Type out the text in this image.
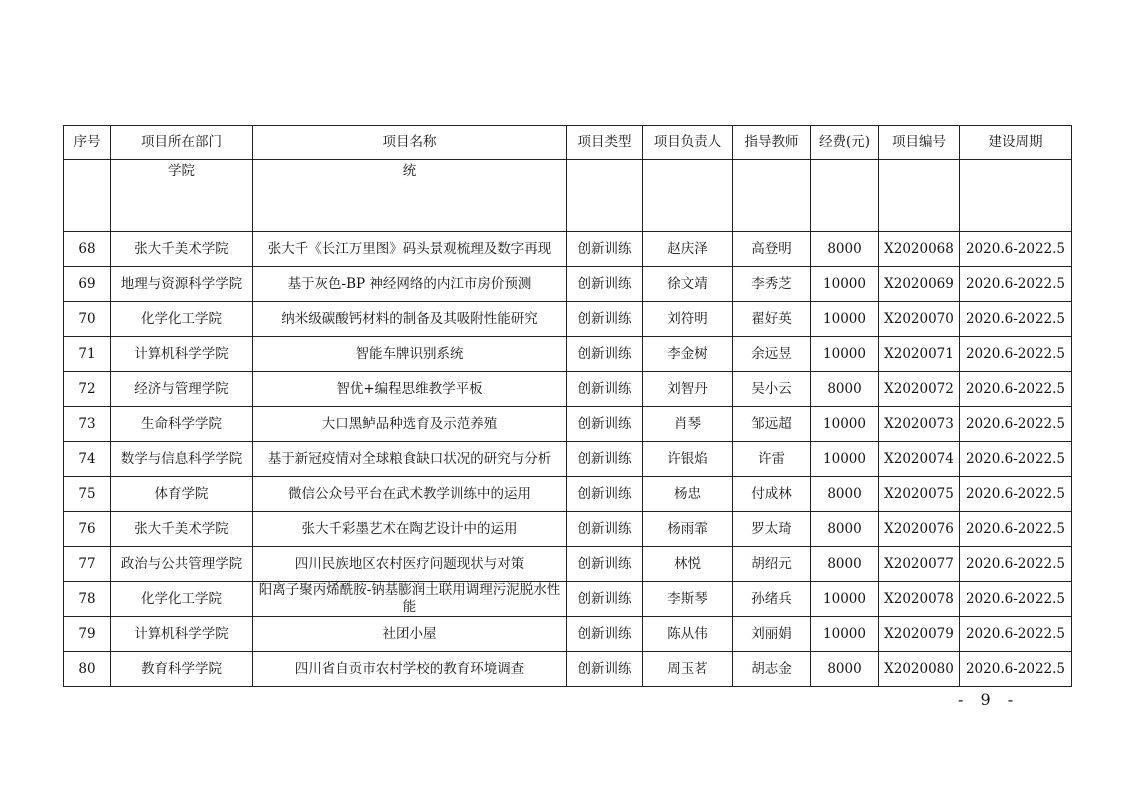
序号	项目所在部门	项目名称	项目类型	项目负责人	指导教师	经费(元)	项目编号	建设周期
	学院	统						
68	张大千美术学院	张大千《长江万里图》码头景观梳理及数字再现	创新训练	赵庆泽	高登明	8000	X2020068	2020.6-2022.5
69	地理与资源科学学院	基于灰色-BP 神经网络的内江市房价预测	创新训练	徐文靖	李秀芝	10000	X2020069	2020.6-2022.5
70	化学化工学院	纳米级碳酸钙材料的制备及其吸附性能研究	创新训练	刘符明	翟好英	10000	X2020070	2020.6-2022.5
71	计算机科学学院	智能车牌识别系统	创新训练	李金树	余远昱	10000	X2020071	2020.6-2022.5
72	经济与管理学院	智优+编程思维教学平板	创新训练	刘智丹	吴小云	8000	X2020072	2020.6-2022.5
73	生命科学学院	大口黑鲈品种选育及示范养殖	创新训练	肖琴	邹远超	10000	X2020073	2020.6-2022.5
74	数学与信息科学学院	基于新冠疫情对全球粮食缺口状况的研究与分析	创新训练	许银焰	许雷	10000	X2020074	2020.6-2022.5
75	体育学院	微信公众号平台在武术教学训练中的运用	创新训练	杨忠	付成林	8000	X2020075	2020.6-2022.5
76	张大千美术学院	张大千彩墨艺术在陶艺设计中的运用	创新训练	杨雨霏	罗太琦	8000	X2020076	2020.6-2022.5
77	政治与公共管理学院	四川民族地区农村医疗问题现状与对策	创新训练	林悦	胡绍元	8000	X2020077	2020.6-2022.5
78	化学化工学院	阳离子聚丙烯酰胺-钠基膨润土联用调理污泥脱水性能	创新训练	李斯琴	孙绪兵	10000	X2020078	2020.6-2022.5
79	计算机科学学院	社团小屋	创新训练	陈从伟	刘丽娟	10000	X2020079	2020.6-2022.5
80	教育科学学院	四川省自贡市农村学校的教育环境调查	创新训练	周玉茗	胡志金	8000	X2020080	2020.6-2022.5
- 9 -
